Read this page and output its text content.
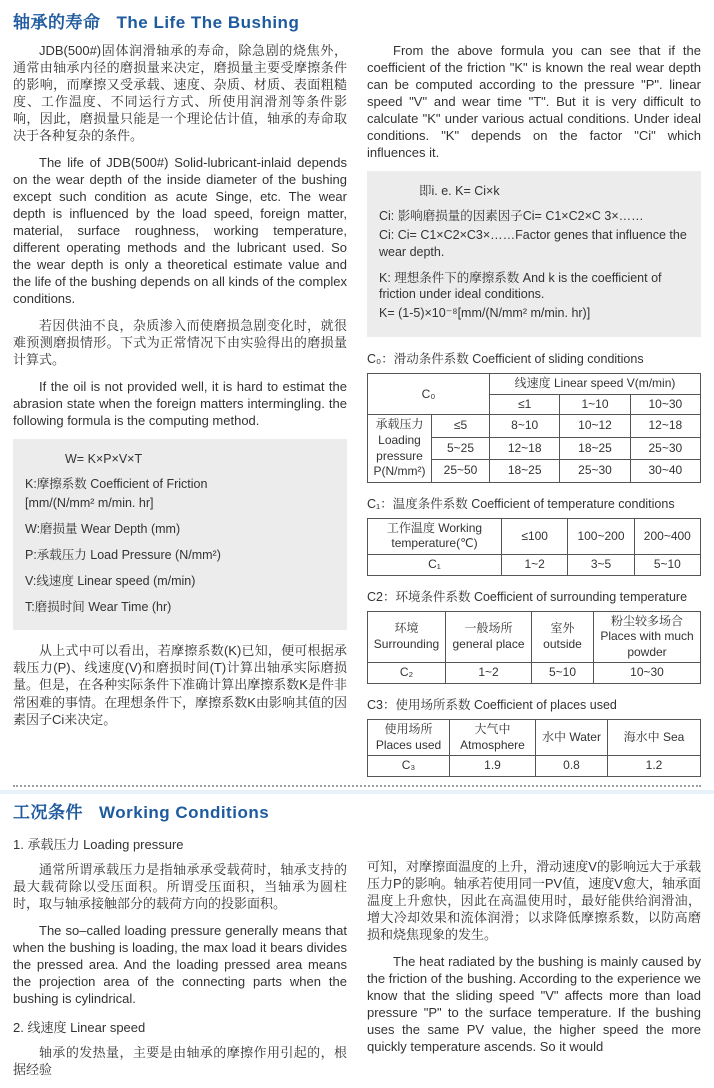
轴承的寿命 The Life The Bushing

JDB(500#)固体润滑轴承的寿命，除急剧的烧焦外，通常由轴承内径的磨损量来决定，磨损量主要受摩擦条件的影响，而摩擦又受承载、速度、杂质、材质、表面粗糙度、工作温度、不同运行方式、所使用润滑剂等条件影响，因此，磨损量只能是一个理论估计值，轴承的寿命取决于各种复杂的条件。

The life of JDB(500#) Solid-lubricant-inlaid depends on the wear depth of the inside diameter of the bushing except such condition as acute Singe, etc. The wear depth is influenced by the load speed, foreign matter, material, surface roughness, working temperature, different operating methods and the lubricant used. So the wear depth is only a theoretical estimate value and the life of the bushing depends on all kinds of the complex conditions.

若因供油不良，杂质渗入而使磨损急剧变化时，就很难预测磨损情形。下式为正常情况下由实验得出的磨损量计算式。

If the oil is not provided well, it is hard to estimat the abrasion state when the foreign matters intermingling. the following formula is the computing method.

W= K×P×V×T
K:摩擦系数 Coefficient of Friction
[mm/(N/mm² m/min. hr]
W:磨损量 Wear Depth (mm)
P:承载压力 Load Pressure (N/mm²)
V:线速度 Linear speed (m/min)
T:磨损时间 Wear Time (hr)

从上式中可以看出，若摩擦系数(K)已知，便可根据承载压力(P)、线速度(V)和磨损时间(T)计算出轴承实际磨损量。但是，在各种实际条件下准确计算出摩擦系数K是件非常困难的事情。在理想条件下，摩擦系数K由影响其值的因素因子Ci来决定。

From the above formula you can see that if the coefficient of the friction "K" is known the real wear depth can be computed according to the pressure "P". linear speed "V" and wear time "T". But it is very difficult to calculate "K" under various actual conditions. Under ideal conditions. "K" depends on the factor "Ci" which influences it.

即i. e. K= Ci×k
Ci: 影响磨损量的因素因子Ci= C1×C2×C 3×……
Ci: Ci= C1×C2×C3×……Factor genes that influence the wear depth.
K: 理想条件下的摩擦系数 And k is the coefficient of friction under ideal conditions.
K= (1-5)×10⁻⁸[mm/(N/mm² m/min. hr)]
C₀：滑动条件系数 Coefficient of sliding conditions
C₀		线速度 Linear speed V(m/min)		
		≤1	1~10	10~30
承载压力 Loading pressure P(N/mm²)	≤5	8~10	10~12	12~18
	5~25	12~18	18~25	25~30
	25~50	18~25	25~30	30~40
C₁：温度条件系数 Coefficient of temperature conditions
工作温度 Working temperature(℃)	≤100	100~200	200~400
C₁	1~2	3~5	5~10
C2：环境条件系数 Coefficient of surrounding temperature
环境 Surrounding	一般场所 general place	室外 outside	粉尘较多场合 Places with much powder
C₂	1~2	5~10	10~30
C3：使用场所系数 Coefficient of places used
使用场所 Places used	大气中 Atmosphere	水中 Water	海水中 Sea
C₃	1.9	0.8	1.2
工况条件 Working Conditions
1. 承载压力 Loading pressure

通常所谓承载压力是指轴承承受载荷时，轴承支持的最大载荷除以受压面积。所谓受压面积，当轴承为圆柱时，取与轴承接触部分的载荷方向的投影面积。

The so–called loading pressure generally means that when the bushing is loading, the max load it bears divides the pressed area. And the loading pressed area means the projection area of the connecting parts when the bushing is cylindrical.

2. 线速度 Linear speed

轴承的发热量，主要是由轴承的摩擦作用引起的，根据经验

可知，对摩擦面温度的上升，滑动速度V的影响远大于承载压力P的影响。轴承若使用同一PV值，速度V愈大，轴承面温度上升愈快，因此在高温使用时，最好能供给润滑油，增大冷却效果和流体润滑；以求降低摩擦系数，以防高磨损和烧焦现象的发生。

The heat radiated by the bushing is mainly caused by the friction of the bushing. According to the experience we know that the sliding speed "V" affects more than load pressure "P" to the surface temperature. If the bushing uses the same PV value, the higher speed the more quickly temperature ascends. So it would
